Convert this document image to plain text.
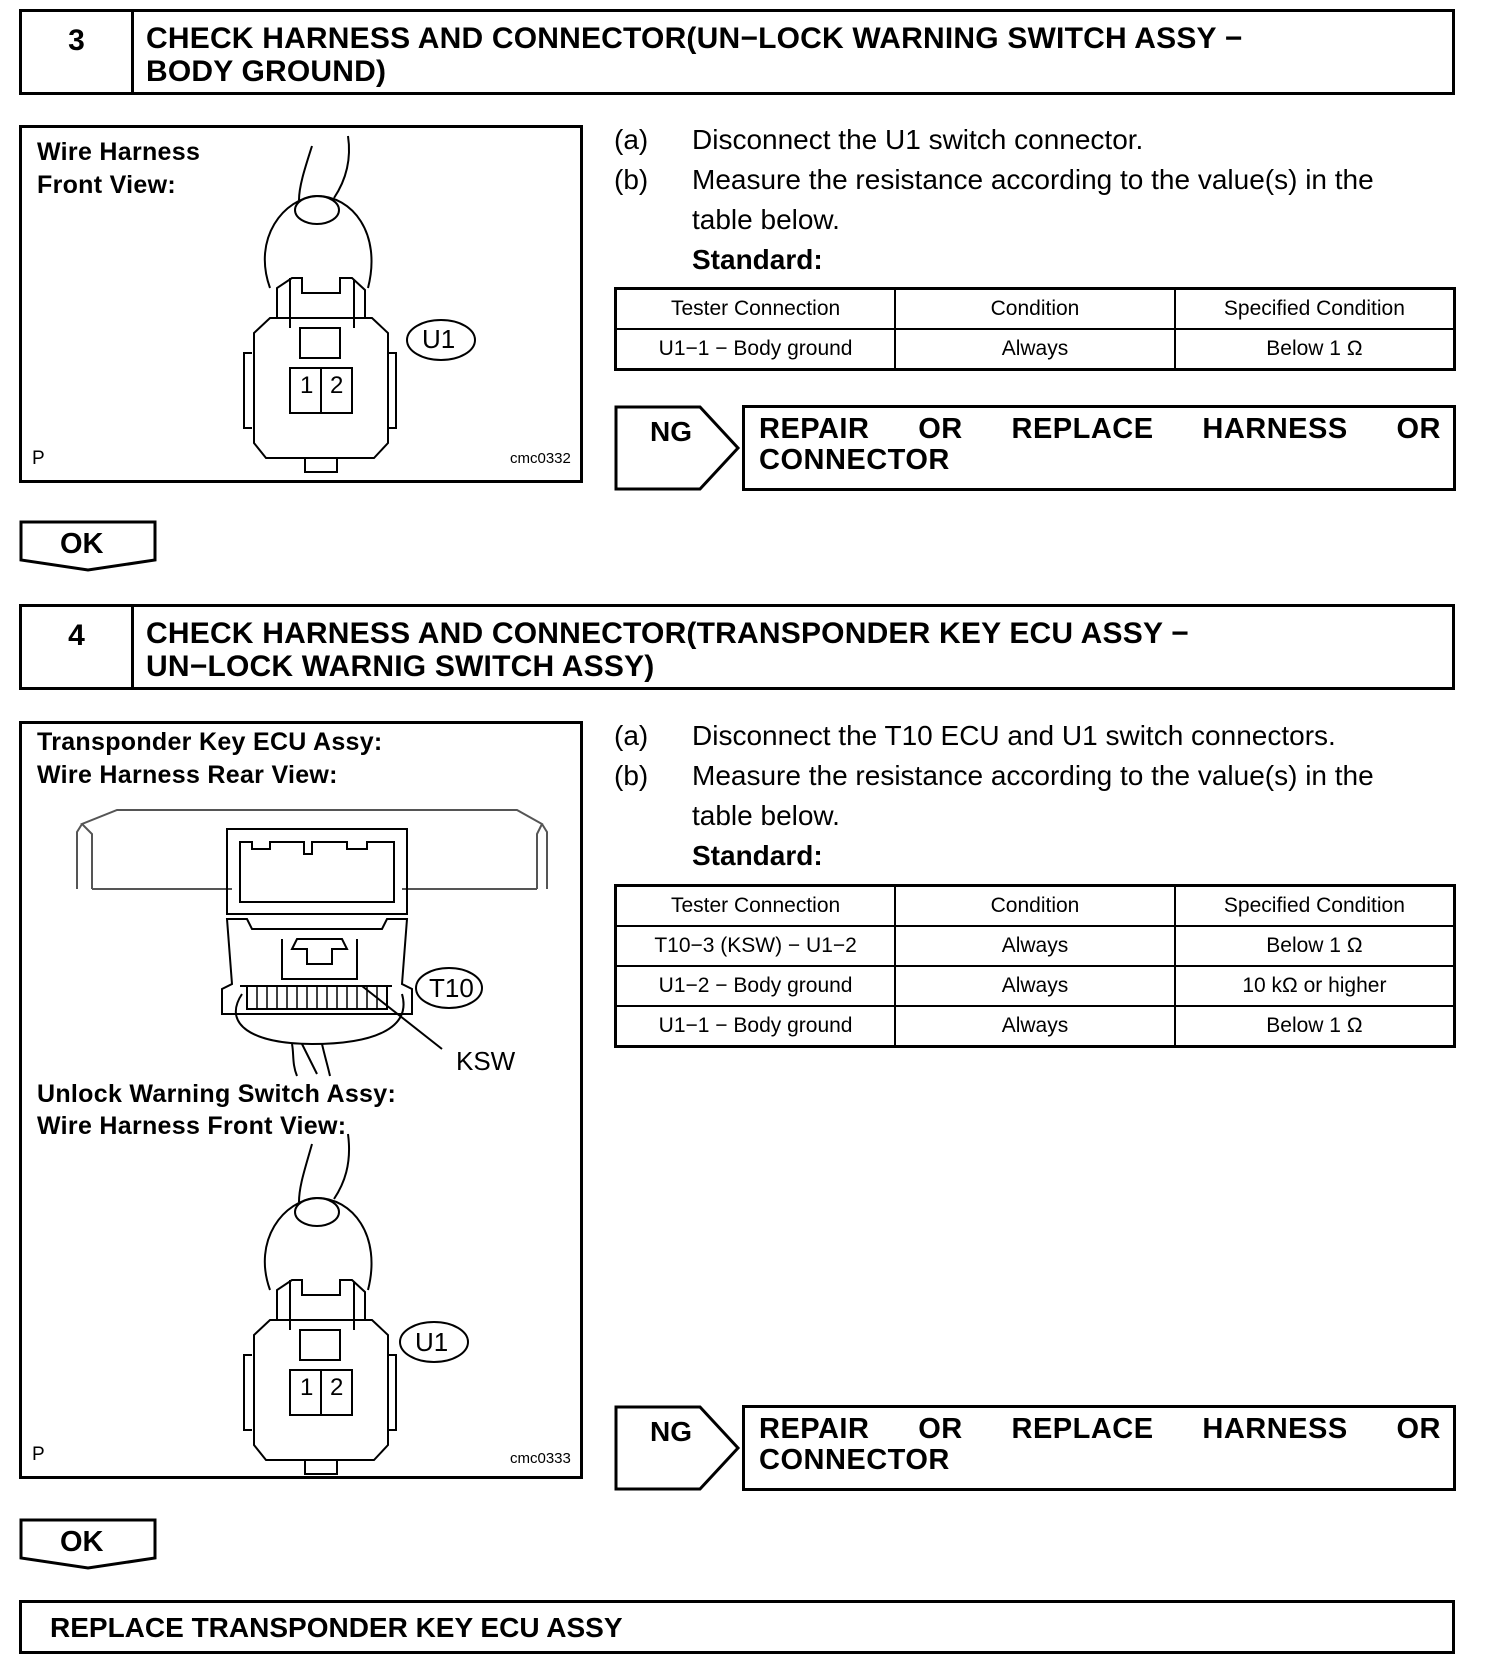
3	CHECK HARNESS AND CONNECTOR(UN−LOCK WARNING SWITCH ASSY −
BODY GROUND)
Wire Harness
Front View:
U1
1 2
P	cmc0332
(a)	Disconnect the U1 switch connector.
(b)	Measure the resistance according to the value(s) in the
table below.
Standard:
Tester Connection	Condition	Specified Condition
U1−1 − Body ground	Always	Below 1 Ω
NG REPAIR OR REPLACE HARNESS OR
CONNECTOR
OK
4	CHECK HARNESS AND CONNECTOR(TRANSPONDER KEY ECU ASSY −
UN−LOCK WARNIG SWITCH ASSY)
Transponder Key ECU Assy:
Wire Harness Rear View:
T10
KSW
Unlock Warning Switch Assy:
Wire Harness Front View:
U1
1 2
P	cmc0333
(a)	Disconnect the T10 ECU and U1 switch connectors.
(b)	Measure the resistance according to the value(s) in the
table below.
Standard:
Tester Connection	Condition	Specified Condition
T10−3 (KSW) − U1−2	Always	Below 1 Ω
U1−2 − Body ground	Always	10 kΩ or higher
U1−1 − Body ground	Always	Below 1 Ω
NG REPAIR OR REPLACE HARNESS OR
CONNECTOR
OK
REPLACE TRANSPONDER KEY ECU ASSY
